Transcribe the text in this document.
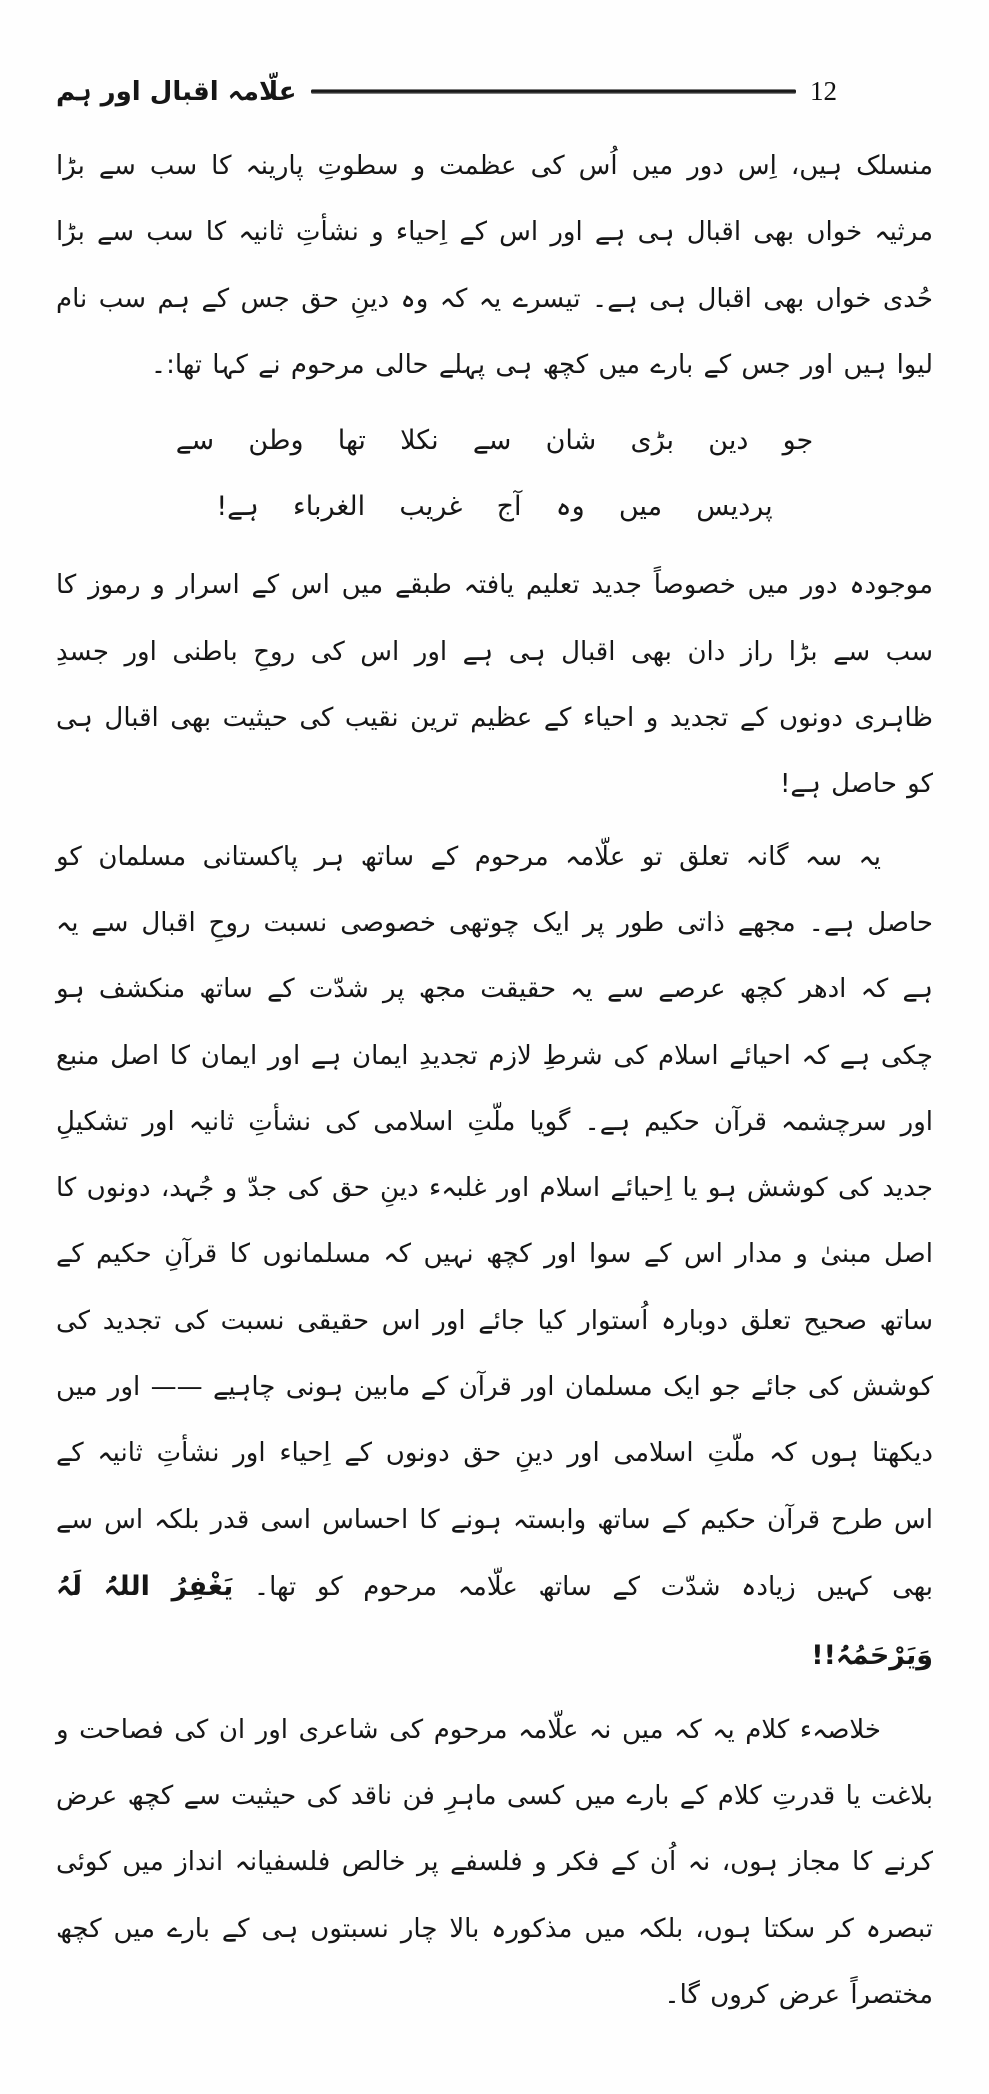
علّامہ اقبال اور ہم	12

منسلک ہیں، اِس دور میں اُس کی عظمت و سطوتِ پارینہ کا سب سے بڑا مرثیہ خواں بھی اقبال ہی ہے اور اس کے اِحیاء و نشأتِ ثانیہ کا سب سے بڑا حُدی خواں بھی اقبال ہی ہے۔ تیسرے یہ کہ وہ دینِ حق جس کے ہم سب نام لیوا ہیں اور جس کے بارے میں کچھ ہی پہلے حالی مرحوم نے کہا تھا:۔

جو دین بڑی شان سے نکلا تھا وطن سے

پردیس میں وہ آج غریب الغرباء ہے!

موجودہ دور میں خصوصاً جدید تعلیم یافتہ طبقے میں اس کے اسرار و رموز کا سب سے بڑا راز دان بھی اقبال ہی ہے اور اس کی روحِ باطنی اور جسدِ ظاہری دونوں کے تجدید و احیاء کے عظیم ترین نقیب کی حیثیت بھی اقبال ہی کو حاصل ہے!

یہ سہ گانہ تعلق تو علّامہ مرحوم کے ساتھ ہر پاکستانی مسلمان کو حاصل ہے۔ مجھے ذاتی طور پر ایک چوتھی خصوصی نسبت روحِ اقبال سے یہ ہے کہ ادھر کچھ عرصے سے یہ حقیقت مجھ پر شدّت کے ساتھ منکشف ہو چکی ہے کہ احیائے اسلام کی شرطِ لازم تجدیدِ ایمان ہے اور ایمان کا اصل منبع اور سرچشمہ قرآن حکیم ہے۔ گویا ملّتِ اسلامی کی نشأتِ ثانیہ اور تشکیلِ جدید کی کوشش ہو یا اِحیائے اسلام اور غلبہء دینِ حق کی جدّ و جُہد، دونوں کا اصل مبنیٰ و مدار اس کے سوا اور کچھ نہیں کہ مسلمانوں کا قرآنِ حکیم کے ساتھ صحیح تعلق دوبارہ اُستوار کیا جائے اور اس حقیقی نسبت کی تجدید کی کوشش کی جائے جو ایک مسلمان اور قرآن کے مابین ہونی چاہیے —— اور میں دیکھتا ہوں کہ ملّتِ اسلامی اور دینِ حق دونوں کے اِحیاء اور نشأتِ ثانیہ کے اس طرح قرآن حکیم کے ساتھ وابستہ ہونے کا احساس اسی قدر بلکہ اس سے بھی کہیں زیادہ شدّت کے ساتھ علّامہ مرحوم کو تھا۔ یَغْفِرُ اللہُ لَہُ وَیَرْحَمُہُ!!

خلاصہء کلام یہ کہ میں نہ علّامہ مرحوم کی شاعری اور ان کی فصاحت و بلاغت یا قدرتِ کلام کے بارے میں کسی ماہرِ فن ناقد کی حیثیت سے کچھ عرض کرنے کا مجاز ہوں، نہ اُن کے فکر و فلسفے پر خالص فلسفیانہ انداز میں کوئی تبصرہ کر سکتا ہوں، بلکہ میں مذکورہ بالا چار نسبتوں ہی کے بارے میں کچھ مختصراً عرض کروں گا۔
